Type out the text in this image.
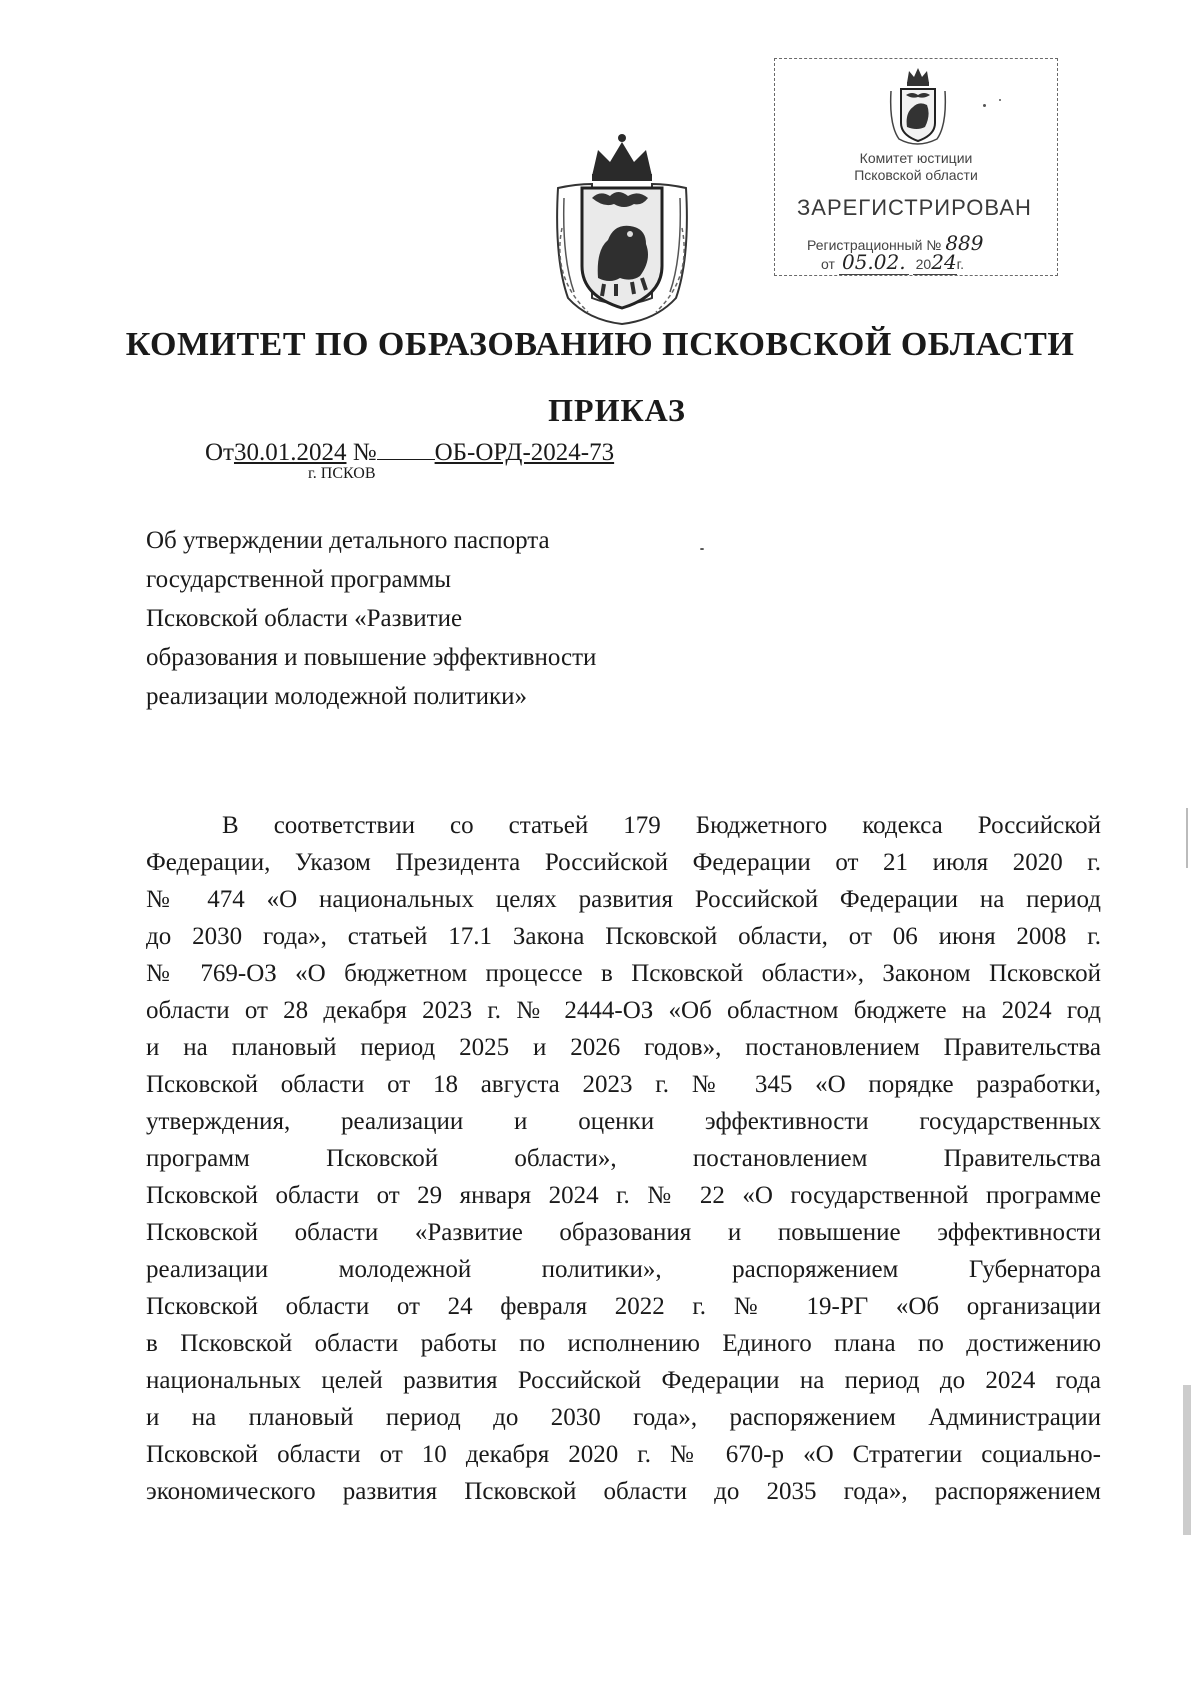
Комитет юстиции
Псковской области
ЗАРЕГИСТРИРОВАН
Регистрационный № 889
от 05.02. 2024г.
КОМИТЕТ ПО ОБРАЗОВАНИЮ ПСКОВСКОЙ ОБЛАСТИ
ПРИКАЗ
От30.01.2024 № ОБ-ОРД-2024-73
г. ПСКОВ
Об утверждении детального паспорта
государственной программы
Псковской области «Развитие
образования и повышение эффективности
реализации молодежной политики»
В соответствии со статьей 179 Бюджетного кодекса Российской
Федерации, Указом Президента Российской Федерации от 21 июля 2020 г.
№ 474 «О национальных целях развития Российской Федерации на период
до 2030 года», статьей 17.1 Закона Псковской области, от 06 июня 2008 г.
№ 769-ОЗ «О бюджетном процессе в Псковской области», Законом Псковской
области от 28 декабря 2023 г. № 2444-ОЗ «Об областном бюджете на 2024 год
и на плановый период 2025 и 2026 годов», постановлением Правительства
Псковской области от 18 августа 2023 г. № 345 «О порядке разработки,
утверждения, реализации и оценки эффективности государственных
программ Псковской области», постановлением Правительства
Псковской области от 29 января 2024 г. № 22 «О государственной программе
Псковской области «Развитие образования и повышение эффективности
реализации молодежной политики», распоряжением Губернатора
Псковской области от 24 февраля 2022 г. № 19-РГ «Об организации
в Псковской области работы по исполнению Единого плана по достижению
национальных целей развития Российской Федерации на период до 2024 года
и на плановый период до 2030 года», распоряжением Администрации
Псковской области от 10 декабря 2020 г. № 670-р «О Стратегии социально-
экономического развития Псковской области до 2035 года», распоряжением
